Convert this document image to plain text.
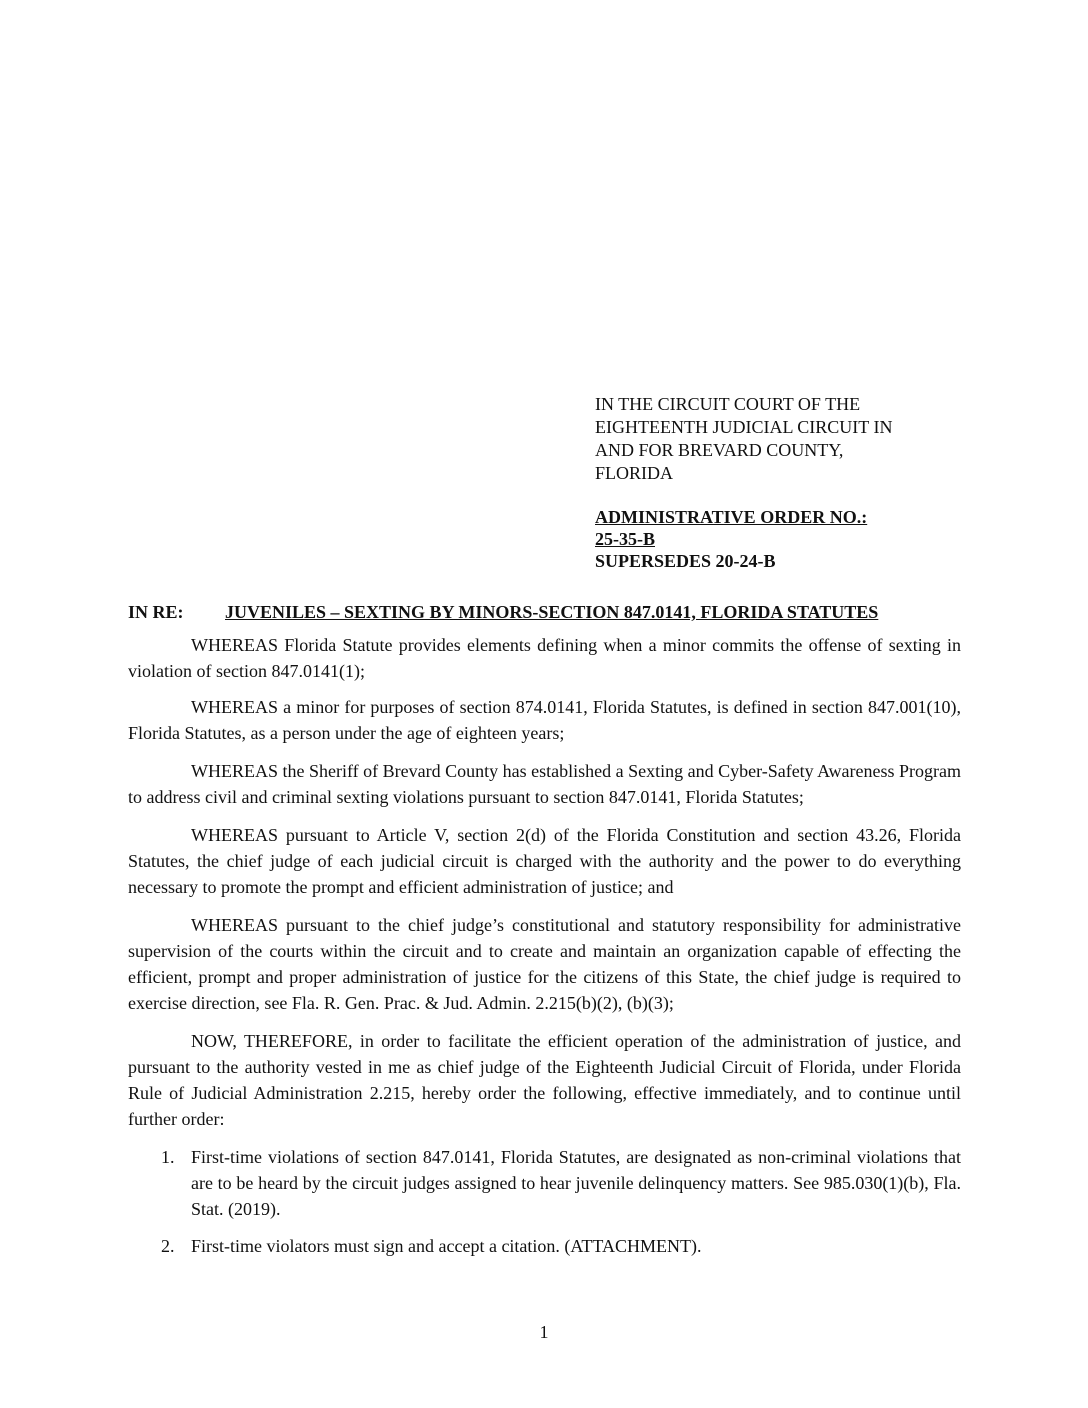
IN THE CIRCUIT COURT OF THE

EIGHTEENTH JUDICIAL CIRCUIT IN

AND FOR BREVARD COUNTY,

FLORIDA

ADMINISTRATIVE ORDER NO.:

25-35-B

SUPERSEDES 20-24-B

IN RE: JUVENILES – SEXTING BY MINORS-SECTION 847.0141, FLORIDA STATUTES

WHEREAS Florida Statute provides elements defining when a minor commits the offense of sexting in violation of section 847.0141(1);

WHEREAS a minor for purposes of section 874.0141, Florida Statutes, is defined in section 847.001(10), Florida Statutes, as a person under the age of eighteen years;

WHEREAS the Sheriff of Brevard County has established a Sexting and Cyber-Safety Awareness Program to address civil and criminal sexting violations pursuant to section 847.0141, Florida Statutes;

WHEREAS pursuant to Article V, section 2(d) of the Florida Constitution and section 43.26, Florida Statutes, the chief judge of each judicial circuit is charged with the authority and the power to do everything necessary to promote the prompt and efficient administration of justice; and

WHEREAS pursuant to the chief judge’s constitutional and statutory responsibility for administrative supervision of the courts within the circuit and to create and maintain an organization capable of effecting the efficient, prompt and proper administration of justice for the citizens of this State, the chief judge is required to exercise direction, see Fla. R. Gen. Prac. & Jud. Admin. 2.215(b)(2), (b)(3);

NOW, THEREFORE, in order to facilitate the efficient operation of the administration of justice, and pursuant to the authority vested in me as chief judge of the Eighteenth Judicial Circuit of Florida, under Florida Rule of Judicial Administration 2.215, hereby order the following, effective immediately, and to continue until further order:

1. First-time violations of section 847.0141, Florida Statutes, are designated as non-criminal violations that are to be heard by the circuit judges assigned to hear juvenile delinquency matters. See 985.030(1)(b), Fla. Stat. (2019).
2. First-time violators must sign and accept a citation. (ATTACHMENT).
1
